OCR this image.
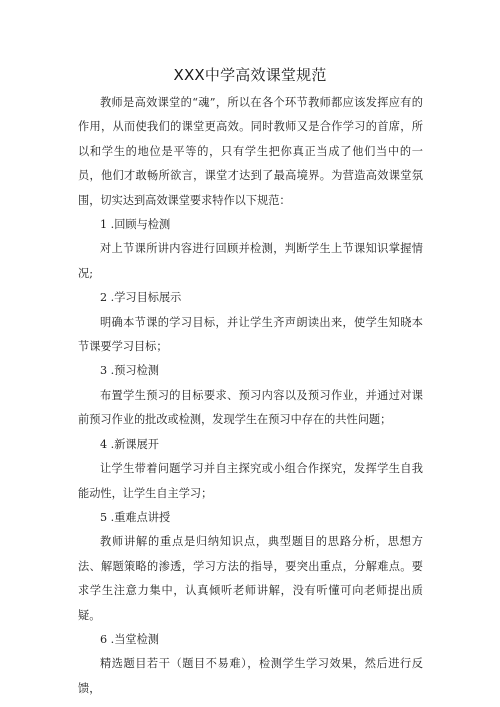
XXX中学高效课堂规范

教师是高效课堂的“魂”，所以在各个环节教师都应该发挥应有的作用，从而使我们的课堂更高效。同时教师又是合作学习的首席，所以和学生的地位是平等的，只有学生把你真正当成了他们当中的一员，他们才敢畅所欲言，课堂才达到了最高境界。为营造高效课堂氛围，切实达到高效课堂要求特作以下规范：

1 .回顾与检测

对上节课所讲内容进行回顾并检测，判断学生上节课知识掌握情况;

2 .学习目标展示

明确本节课的学习目标，并让学生齐声朗读出来，使学生知晓本节课要学习目标；

3 .预习检测

布置学生预习的目标要求、预习内容以及预习作业，并通过对课前预习作业的批改或检测，发现学生在预习中存在的共性问题；

4 .新课展开

让学生带着问题学习并自主探究或小组合作探究，发挥学生自我能动性，让学生自主学习；

5 .重难点讲授

教师讲解的重点是归纳知识点，典型题目的思路分析，思想方法、解题策略的渗透，学习方法的指导，要突出重点，分解难点。要求学生注意力集中，认真倾听老师讲解，没有听懂可向老师提出质疑。

6 .当堂检测

精选题目若干（题目不易难），检测学生学习效果，然后进行反馈，
